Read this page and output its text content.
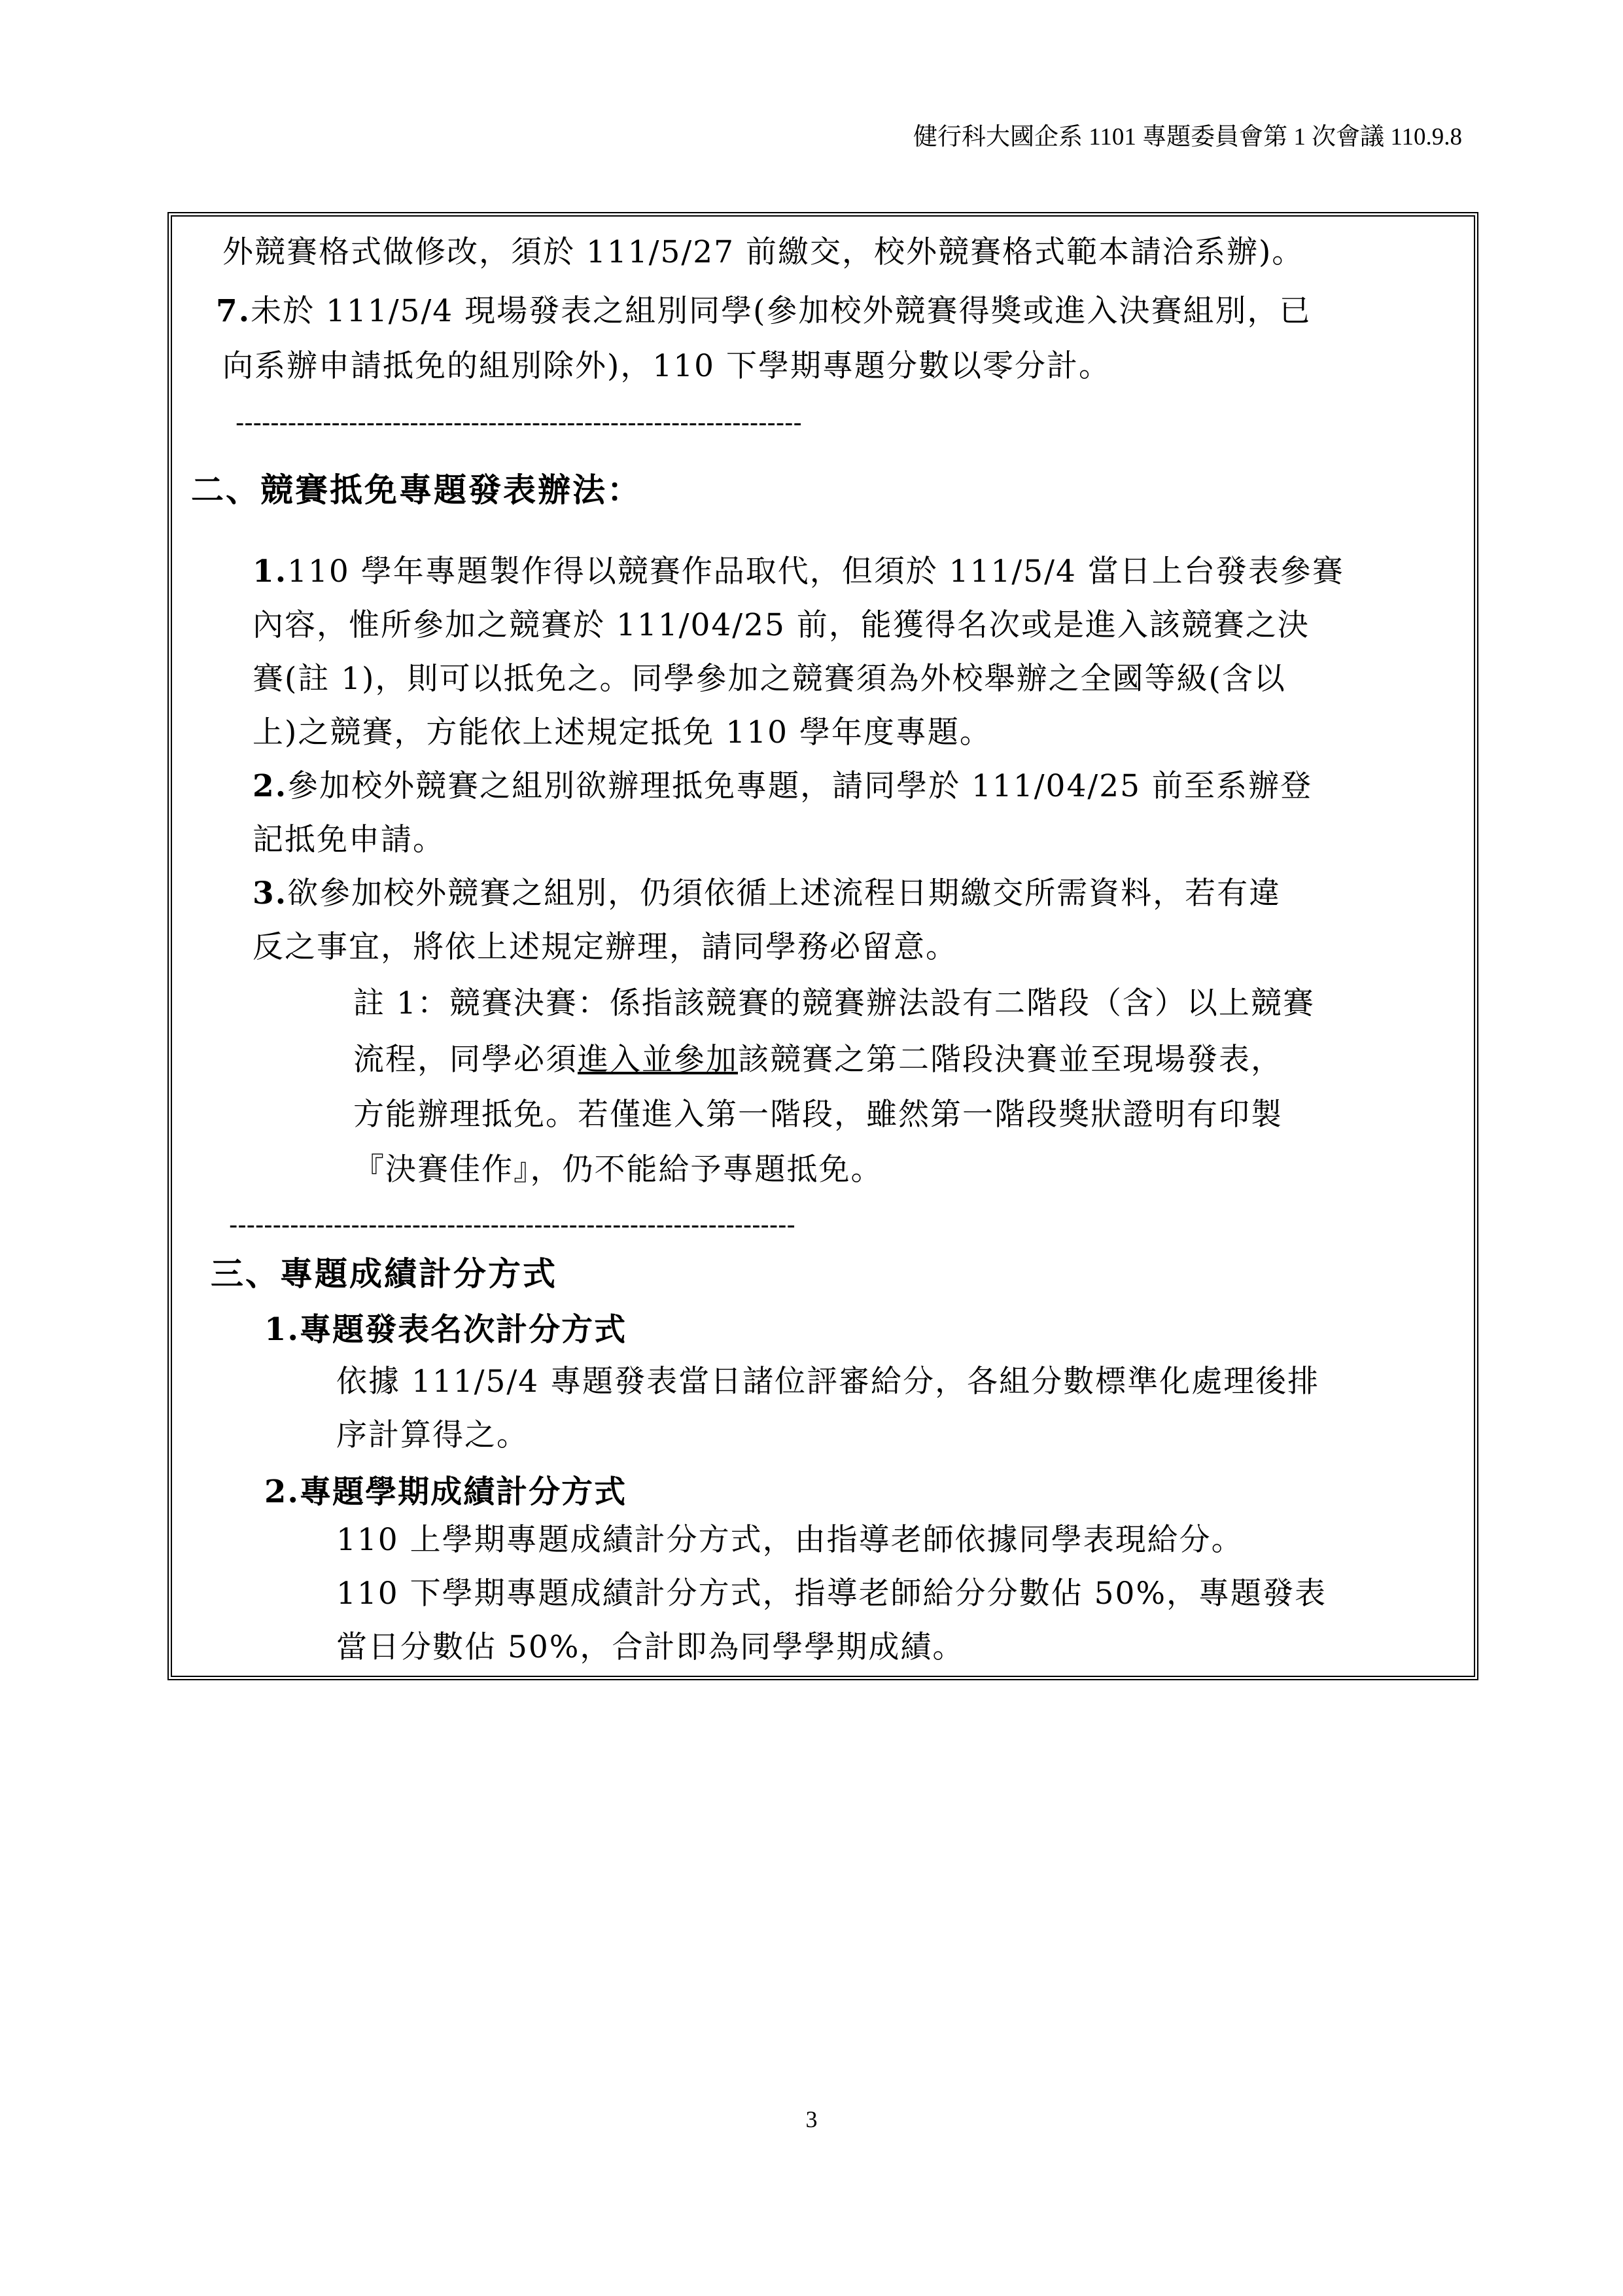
健行科大國企系 1101 專題委員會第 1 次會議 110.9.8
外競賽格式做修改，須於 111/5/27 前繳交，校外競賽格式範本請洽系辦)。
7.未於 111/5/4 現場發表之組別同學(參加校外競賽得獎或進入決賽組別，已
向系辦申請抵免的組別除外)，110 下學期專題分數以零分計。
-----------------------------------------------------------------
二、競賽抵免專題發表辦法：
1.110 學年專題製作得以競賽作品取代，但須於 111/5/4 當日上台發表參賽
內容，惟所參加之競賽於 111/04/25 前，能獲得名次或是進入該競賽之決
賽(註 1)，則可以抵免之。同學參加之競賽須為外校舉辦之全國等級(含以
上)之競賽，方能依上述規定抵免 110 學年度專題。
2.參加校外競賽之組別欲辦理抵免專題，請同學於 111/04/25 前至系辦登
記抵免申請。
3.欲參加校外競賽之組別，仍須依循上述流程日期繳交所需資料，若有違
反之事宜，將依上述規定辦理，請同學務必留意。
註 1：競賽決賽：係指該競賽的競賽辦法設有二階段（含）以上競賽
流程，同學必須進入並參加該競賽之第二階段決賽並至現場發表，
方能辦理抵免。若僅進入第一階段，雖然第一階段獎狀證明有印製
『決賽佳作』，仍不能給予專題抵免。
-----------------------------------------------------------------
三、專題成績計分方式
1.專題發表名次計分方式
依據 111/5/4 專題發表當日諸位評審給分，各組分數標準化處理後排
序計算得之。
2.專題學期成績計分方式
110 上學期專題成績計分方式，由指導老師依據同學表現給分。
110 下學期專題成績計分方式，指導老師給分分數佔 50%，專題發表
當日分數佔 50%，合計即為同學學期成績。
3
